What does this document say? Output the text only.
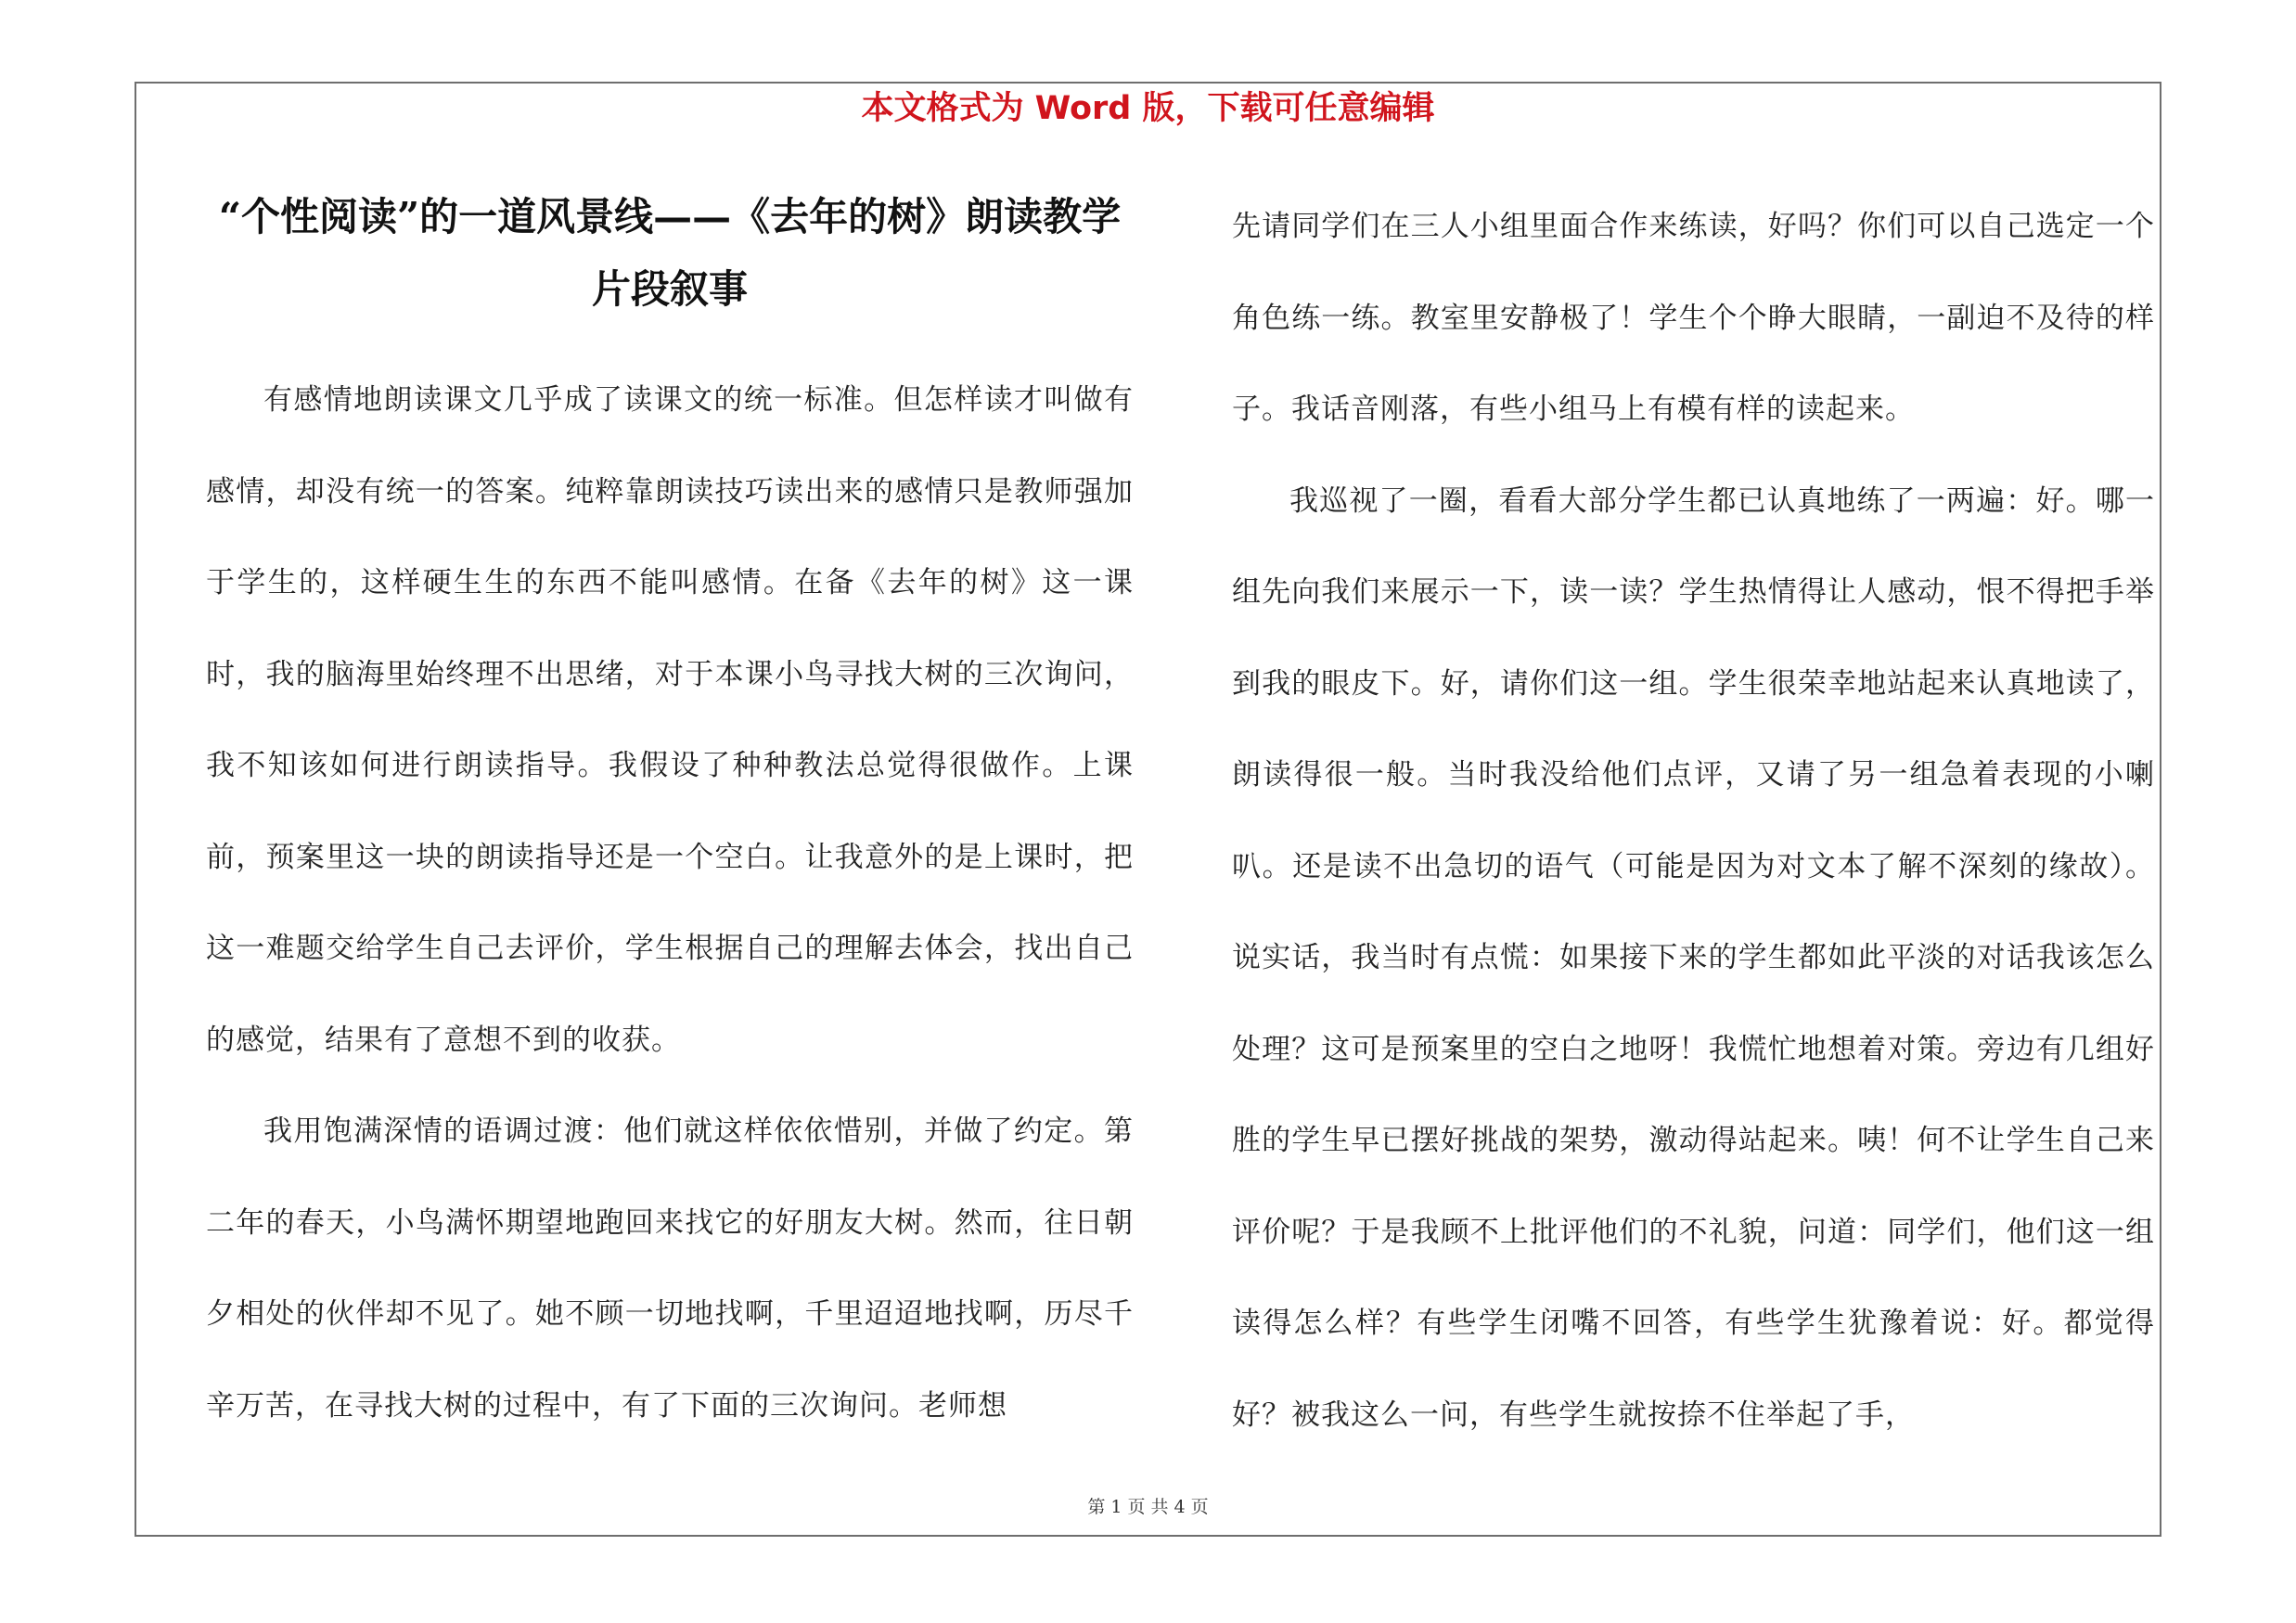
本文格式为 Word 版，下载可任意编辑
“个性阅读”的一道风景线——《去年的树》朗读教学片段叙事

有感情地朗读课文几乎成了读课文的统一标准。但怎样读才叫做有感情，却没有统一的答案。纯粹靠朗读技巧读出来的感情只是教师强加于学生的，这样硬生生的东西不能叫感情。在备《去年的树》这一课时，我的脑海里始终理不出思绪，对于本课小鸟寻找大树的三次询问，我不知该如何进行朗读指导。我假设了种种教法总觉得很做作。上课前，预案里这一块的朗读指导还是一个空白。让我意外的是上课时，把这一难题交给学生自己去评价，学生根据自己的理解去体会，找出自己的感觉，结果有了意想不到的收获。

我用饱满深情的语调过渡：他们就这样依依惜别，并做了约定。第二年的春天，小鸟满怀期望地跑回来找它的好朋友大树。然而，往日朝夕相处的伙伴却不见了。她不顾一切地找啊，千里迢迢地找啊，历尽千辛万苦，在寻找大树的过程中，有了下面的三次询问。老师想

先请同学们在三人小组里面合作来练读，好吗？你们可以自己选定一个角色练一练。教室里安静极了！学生个个睁大眼睛，一副迫不及待的样子。我话音刚落，有些小组马上有模有样的读起来。

我巡视了一圈，看看大部分学生都已认真地练了一两遍：好。哪一组先向我们来展示一下，读一读？学生热情得让人感动，恨不得把手举到我的眼皮下。好，请你们这一组。学生很荣幸地站起来认真地读了，朗读得很一般。当时我没给他们点评，又请了另一组急着表现的小喇叭。还是读不出急切的语气（可能是因为对文本了解不深刻的缘故）。说实话，我当时有点慌：如果接下来的学生都如此平淡的对话我该怎么处理？这可是预案里的空白之地呀！我慌忙地想着对策。旁边有几组好胜的学生早已摆好挑战的架势，激动得站起来。咦！何不让学生自己来评价呢？于是我顾不上批评他们的不礼貌，问道：同学们，他们这一组读得怎么样？有些学生闭嘴不回答，有些学生犹豫着说：好。都觉得好？被我这么一问，有些学生就按捺不住举起了手，

第 1 页 共 4 页
